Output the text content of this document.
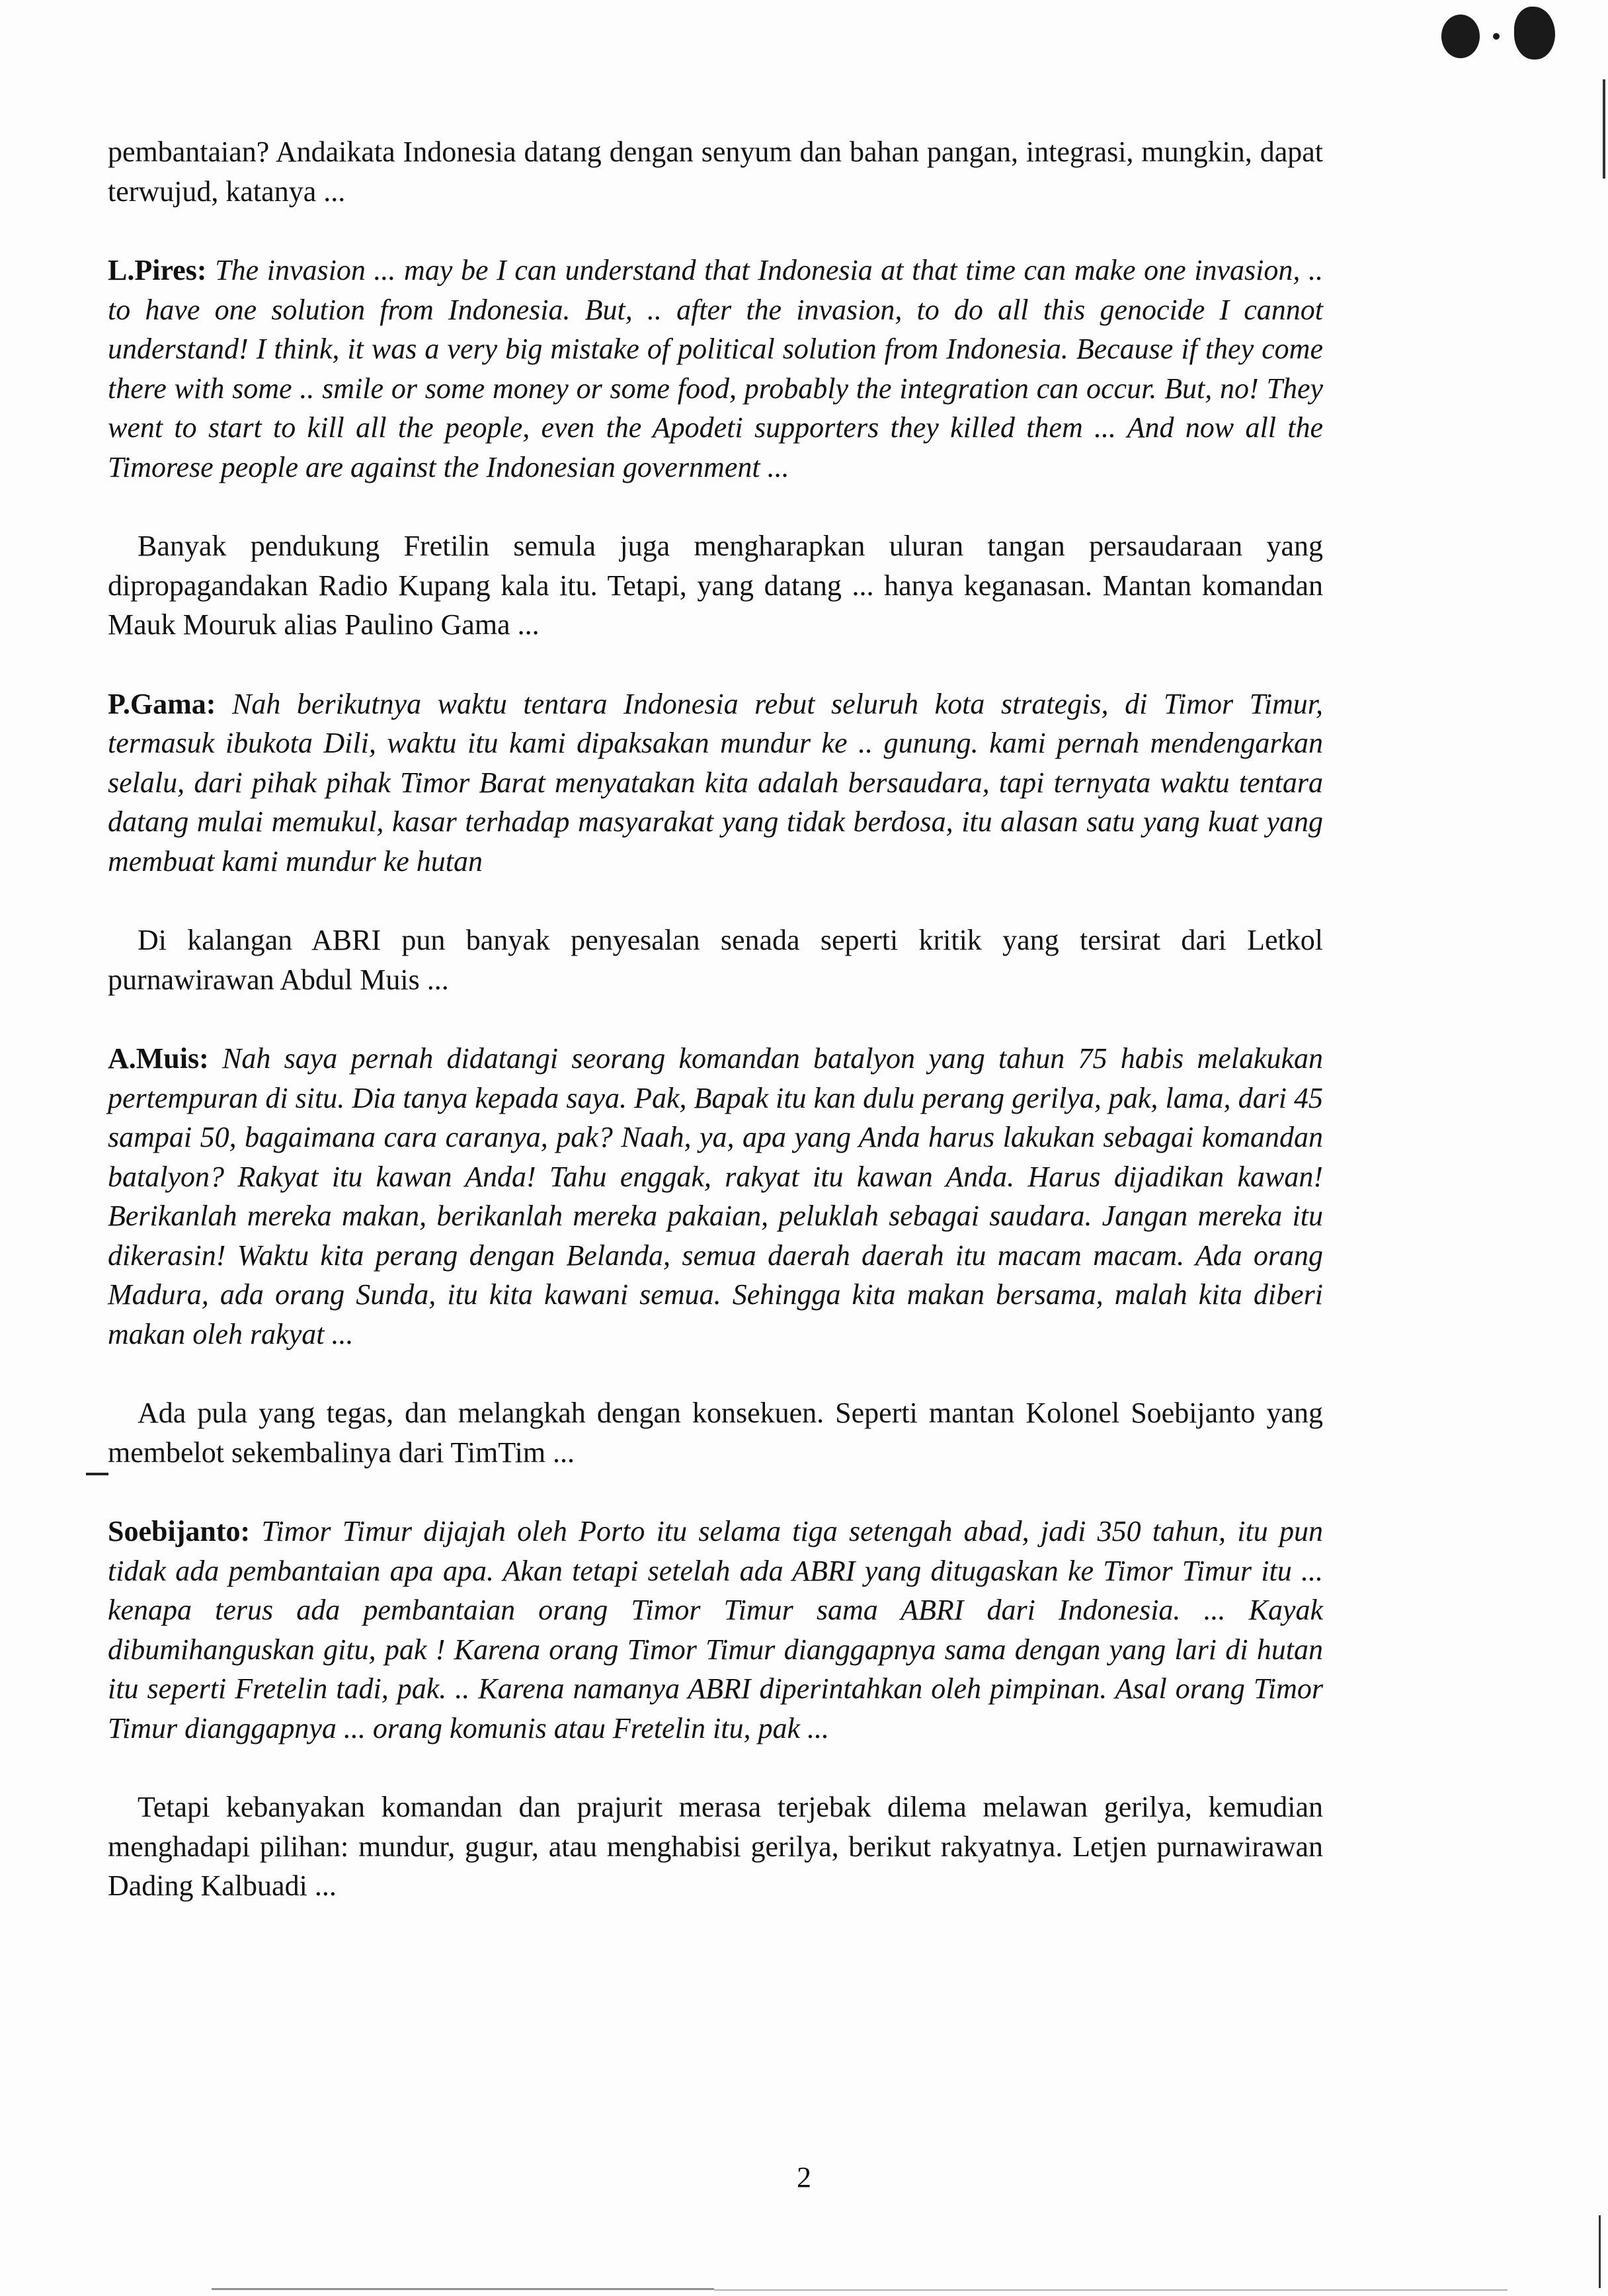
pembantaian? Andaikata Indonesia datang dengan senyum dan bahan pangan, integrasi, mungkin, dapat terwujud, katanya ...

L.Pires: The invasion ... may be I can understand that Indonesia at that time can make one invasion, .. to have one solution from Indonesia. But, .. after the invasion, to do all this genocide I cannot understand! I think, it was a very big mistake of political solution from Indonesia. Because if they come there with some .. smile or some money or some food, probably the integration can occur. But, no! They went to start to kill all the people, even the Apodeti supporters they killed them ... And now all the Timorese people are against the Indonesian government ...

Banyak pendukung Fretilin semula juga mengharapkan uluran tangan persaudaraan yang dipropagandakan Radio Kupang kala itu. Tetapi, yang datang ... hanya keganasan. Mantan komandan Mauk Mouruk alias Paulino Gama ...

P.Gama: Nah berikutnya waktu tentara Indonesia rebut seluruh kota strategis, di Timor Timur, termasuk ibukota Dili, waktu itu kami dipaksakan mundur ke .. gunung. kami pernah mendengarkan selalu, dari pihak pihak Timor Barat menyatakan kita adalah bersaudara, tapi ternyata waktu tentara datang mulai memukul, kasar terhadap masyarakat yang tidak berdosa, itu alasan satu yang kuat yang membuat kami mundur ke hutan

Di kalangan ABRI pun banyak penyesalan senada seperti kritik yang tersirat dari Letkol purnawirawan Abdul Muis ...

A.Muis: Nah saya pernah didatangi seorang komandan batalyon yang tahun 75 habis melakukan pertempuran di situ. Dia tanya kepada saya. Pak, Bapak itu kan dulu perang gerilya, pak, lama, dari 45 sampai 50, bagaimana cara caranya, pak? Naah, ya, apa yang Anda harus lakukan sebagai komandan batalyon? Rakyat itu kawan Anda! Tahu enggak, rakyat itu kawan Anda. Harus dijadikan kawan! Berikanlah mereka makan, berikanlah mereka pakaian, peluklah sebagai saudara. Jangan mereka itu dikerasin! Waktu kita perang dengan Belanda, semua daerah daerah itu macam macam. Ada orang Madura, ada orang Sunda, itu kita kawani semua. Sehingga kita makan bersama, malah kita diberi makan oleh rakyat ...

Ada pula yang tegas, dan melangkah dengan konsekuen. Seperti mantan Kolonel Soebijanto yang membelot sekembalinya dari TimTim ...

Soebijanto: Timor Timur dijajah oleh Porto itu selama tiga setengah abad, jadi 350 tahun, itu pun tidak ada pembantaian apa apa. Akan tetapi setelah ada ABRI yang ditugaskan ke Timor Timur itu ... kenapa terus ada pembantaian orang Timor Timur sama ABRI dari Indonesia. ... Kayak dibumihanguskan gitu, pak ! Karena orang Timor Timur dianggapnya sama dengan yang lari di hutan itu seperti Fretelin tadi, pak. .. Karena namanya ABRI diperintahkan oleh pimpinan. Asal orang Timor Timur dianggapnya ... orang komunis atau Fretelin itu, pak ...

Tetapi kebanyakan komandan dan prajurit merasa terjebak dilema melawan gerilya, kemudian menghadapi pilihan: mundur, gugur, atau menghabisi gerilya, berikut rakyatnya. Letjen purnawirawan Dading Kalbuadi ...

2
